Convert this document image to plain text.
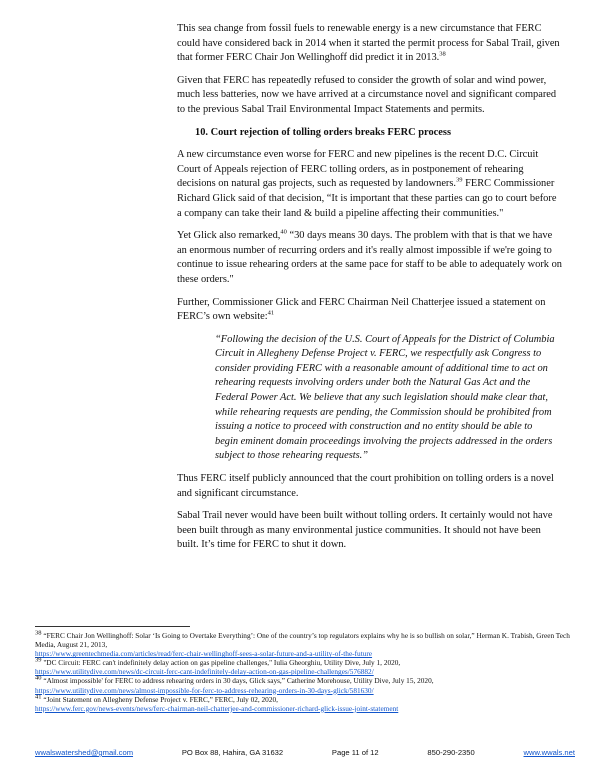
This sea change from fossil fuels to renewable energy is a new circumstance that FERC could have considered back in 2014 when it started the permit process for Sabal Trail, given that former FERC Chair Jon Wellinghoff did predict it in 2013.38

Given that FERC has repeatedly refused to consider the growth of solar and wind power, much less batteries, now we have arrived at a circumstance novel and significant compared to the previous Sabal Trail Environmental Impact Statements and permits.

10. Court rejection of tolling orders breaks FERC process

A new circumstance even worse for FERC and new pipelines is the recent D.C. Circuit Court of Appeals rejection of FERC tolling orders, as in postponement of rehearing decisions on natural gas projects, such as requested by landowners.$^{39}$ FERC Commissioner Richard Glick said of that decision, “It is important that these parties can go to court before a company can take their land & build a pipeline affecting their communities."

Yet Glick also remarked,$^{40}$ “30 days means 30 days. The problem with that is that we have an enormous number of recurring orders and it's really almost impossible if we're going to continue to issue rehearing orders at the same pace for staff to be able to adequately work on these orders."

Further, Commissioner Glick and FERC Chairman Neil Chatterjee issued a statement on FERC’s own website:$^{41}$

“Following the decision of the U.S. Court of Appeals for the District of Columbia Circuit in Allegheny Defense Project v. FERC, we respectfully ask Congress to consider providing FERC with a reasonable amount of additional time to act on rehearing requests involving orders under both the Natural Gas Act and the Federal Power Act. We believe that any such legislation should make clear that, while rehearing requests are pending, the Commission should be prohibited from issuing a notice to proceed with construction and no entity should be able to begin eminent domain proceedings involving the projects addressed in the orders subject to those rehearing requests.”

Thus FERC itself publicly announced that the court prohibition on tolling orders is a novel and significant circumstance.

Sabal Trail never would have been built without tolling orders. It certainly would not have been built through as many environmental justice communities. It should not have been built. It’s time for FERC to shut it down.

$^{38}$ “FERC Chair Jon Wellinghoff: Solar ‘Is Going to Overtake Everything’: One of the country’s top regulators explains why he is so bullish on solar,” Herman K. Trabish, Green Tech Media, August 21, 2013,
https://www.greentechmedia.com/articles/read/ferc-chair-wellinghoff-sees-a-solar-future-and-a-utility-of-the-future

$^{39}$ "DC Circuit: FERC can't indefinitely delay action on gas pipeline challenges," Iulia Gheorghiu, Utility Dive, July 1, 2020,
https://www.utilitydive.com/news/dc-circuit-ferc-cant-indefinitely-delay-action-on-gas-pipeline-challenges/576882/

$^{40}$ “Almost impossible' for FERC to address rehearing orders in 30 days, Glick says,” Catherine Morehouse, Utility Dive, July 15, 2020,
https://www.utilitydive.com/news/almost-impossible-for-ferc-to-address-rehearing-orders-in-30-days-glick/581630/

$^{41}$ “Joint Statement on Allegheny Defense Project v. FERC,” FERC, July 02, 2020,
https://www.ferc.gov/news-events/news/ferc-chairman-neil-chatterjee-and-commissioner-richard-glick-issue-joint-statement

wwalswatershed@gmail.com	PO Box 88, Hahira, GA 31632	Page 11 of 12	850-290-2350	www.wwals.net
